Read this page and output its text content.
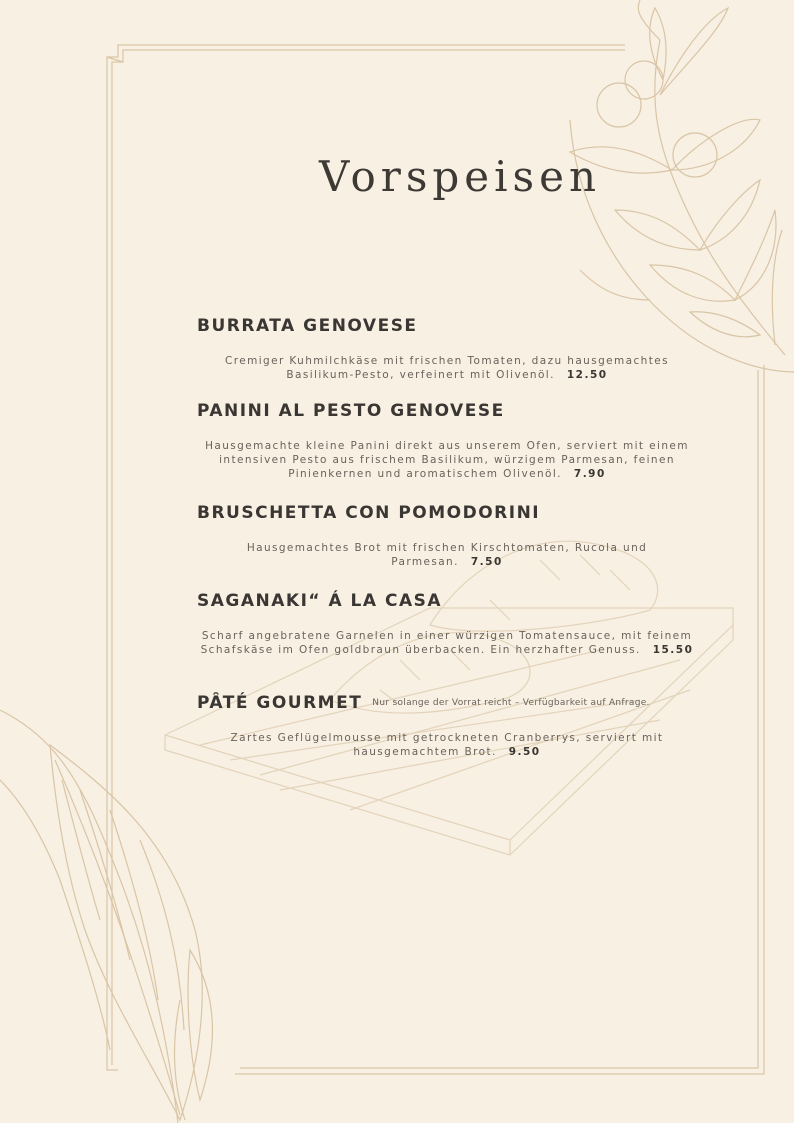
Vorspeisen
BURRATA GENOVESE

Cremiger Kuhmilchkäse mit frischen Tomaten, dazu hausgemachtes Basilikum-Pesto, verfeinert mit Olivenöl. 12.50

PANINI AL PESTO GENOVESE

Hausgemachte kleine Panini direkt aus unserem Ofen, serviert mit einem intensiven Pesto aus frischem Basilikum, würzigem Parmesan, feinen Pinienkernen und aromatischem Olivenöl. 7.90

BRUSCHETTA CON POMODORINI

Hausgemachtes Brot mit frischen Kirschtomaten, Rucola und Parmesan. 7.50

SAGANAKI“ Á LA CASA

Scharf angebratene Garnelen in einer würzigen Tomatensauce, mit feinem Schafskäse im Ofen goldbraun überbacken. Ein herzhafter Genuss. 15.50

PÂTÉ GOURMET Nur solange der Vorrat reicht – Verfügbarkeit auf Anfrage.

Zartes Geflügelmousse mit getrockneten Cranberrys, serviert mit hausgemachtem Brot. 9.50
